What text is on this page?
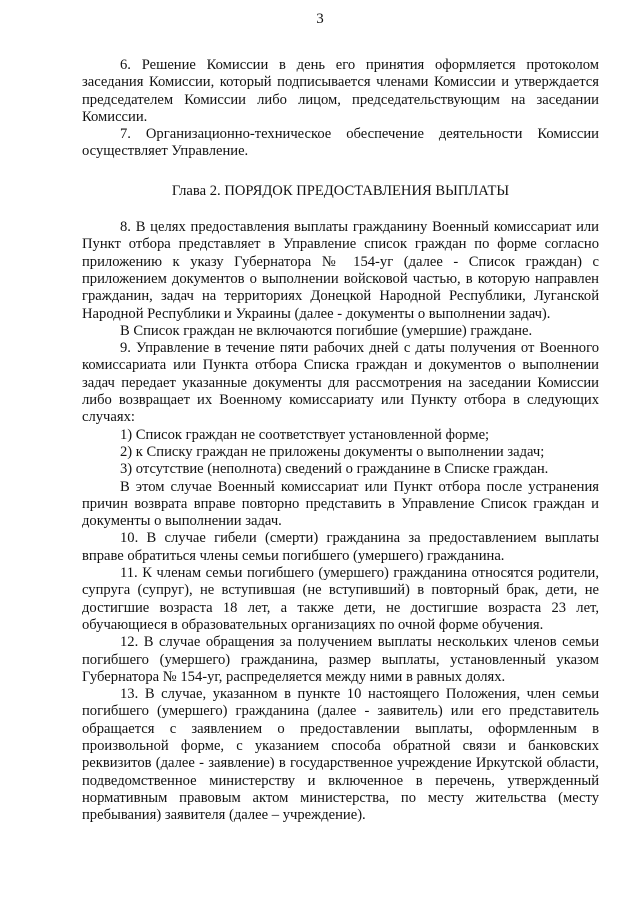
3

6. Решение Комиссии в день его принятия оформляется протоколом заседания Комиссии, который подписывается членами Комиссии и утверждается председателем Комиссии либо лицом, председательствующим на заседании Комиссии.

7. Организационно-техническое обеспечение деятельности Комиссии осуществляет Управление.

Глава 2. ПОРЯДОК ПРЕДОСТАВЛЕНИЯ ВЫПЛАТЫ

8. В целях предоставления выплаты гражданину Военный комиссариат или Пункт отбора представляет в Управление список граждан по форме согласно приложению к указу Губернатора № 154-уг (далее - Список граждан) с приложением документов о выполнении войсковой частью, в которую направлен гражданин, задач на территориях Донецкой Народной Республики, Луганской Народной Республики и Украины (далее - документы о выполнении задач).

В Список граждан не включаются погибшие (умершие) граждане.

9. Управление в течение пяти рабочих дней с даты получения от Военного комиссариата или Пункта отбора Списка граждан и документов о выполнении задач передает указанные документы для рассмотрения на заседании Комиссии либо возвращает их Военному комиссариату или Пункту отбора в следующих случаях:

1) Список граждан не соответствует установленной форме;

2) к Списку граждан не приложены документы о выполнении задач;

3) отсутствие (неполнота) сведений о гражданине в Списке граждан.

В этом случае Военный комиссариат или Пункт отбора после устранения причин возврата вправе повторно представить в Управление Список граждан и документы о выполнении задач.

10. В случае гибели (смерти) гражданина за предоставлением выплаты вправе обратиться члены семьи погибшего (умершего) гражданина.

11. К членам семьи погибшего (умершего) гражданина относятся родители, супруга (супруг), не вступившая (не вступивший) в повторный брак, дети, не достигшие возраста 18 лет, а также дети, не достигшие возраста 23 лет, обучающиеся в образовательных организациях по очной форме обучения.

12. В случае обращения за получением выплаты нескольких членов семьи погибшего (умершего) гражданина, размер выплаты, установленный указом Губернатора № 154-уг, распределяется между ними в равных долях.

13. В случае, указанном в пункте 10 настоящего Положения, член семьи погибшего (умершего) гражданина (далее - заявитель) или его представитель обращается с заявлением о предоставлении выплаты, оформленным в произвольной форме, с указанием способа обратной связи и банковских реквизитов (далее - заявление) в государственное учреждение Иркутской области, подведомственное министерству и включенное в перечень, утвержденный нормативным правовым актом министерства, по месту жительства (месту пребывания) заявителя (далее – учреждение).
